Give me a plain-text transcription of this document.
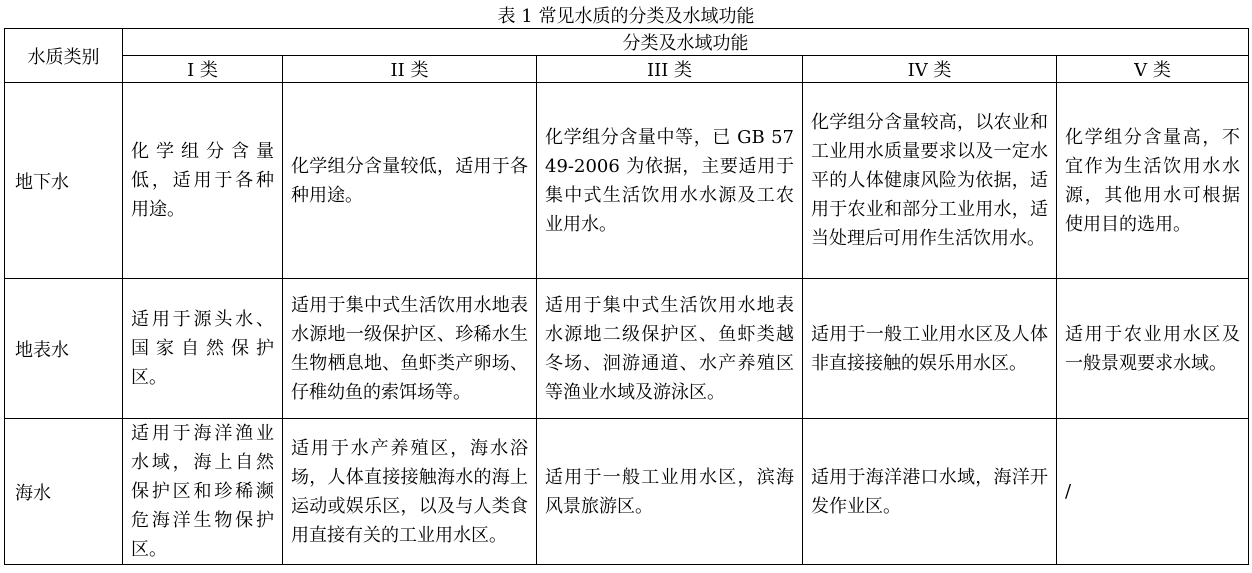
表 1 常见水质的分类及水域功能
水质类别	分类及水域功能				
	I 类	II 类	III 类	IV 类	V 类
地下水	化学组分含量低，适用于各种用途。	化学组分含量较低，适用于各种用途。	化学组分含量中等，已 GB 5749-2006 为依据，主要适用于集中式生活饮用水水源及工农业用水。	化学组分含量较高，以农业和工业用水质量要求以及一定水平的人体健康风险为依据，适用于农业和部分工业用水，适当处理后可用作生活饮用水。	化学组分含量高，不宜作为生活饮用水水源，其他用水可根据使用目的选用。
地表水	适用于源头水、国家自然保护区。	适用于集中式生活饮用水地表水源地一级保护区、珍稀水生生物栖息地、鱼虾类产卵场、仔稚幼鱼的索饵场等。	适用于集中式生活饮用水地表水源地二级保护区、鱼虾类越冬场、洄游通道、水产养殖区等渔业水域及游泳区。	适用于一般工业用水区及人体非直接接触的娱乐用水区。	适用于农业用水区及一般景观要求水域。
海水	适用于海洋渔业水域，海上自然保护区和珍稀濒危海洋生物保护区。	适用于水产养殖区，海水浴场，人体直接接触海水的海上运动或娱乐区，以及与人类食用直接有关的工业用水区。	适用于一般工业用水区，滨海风景旅游区。	适用于海洋港口水域，海洋开发作业区。	/
